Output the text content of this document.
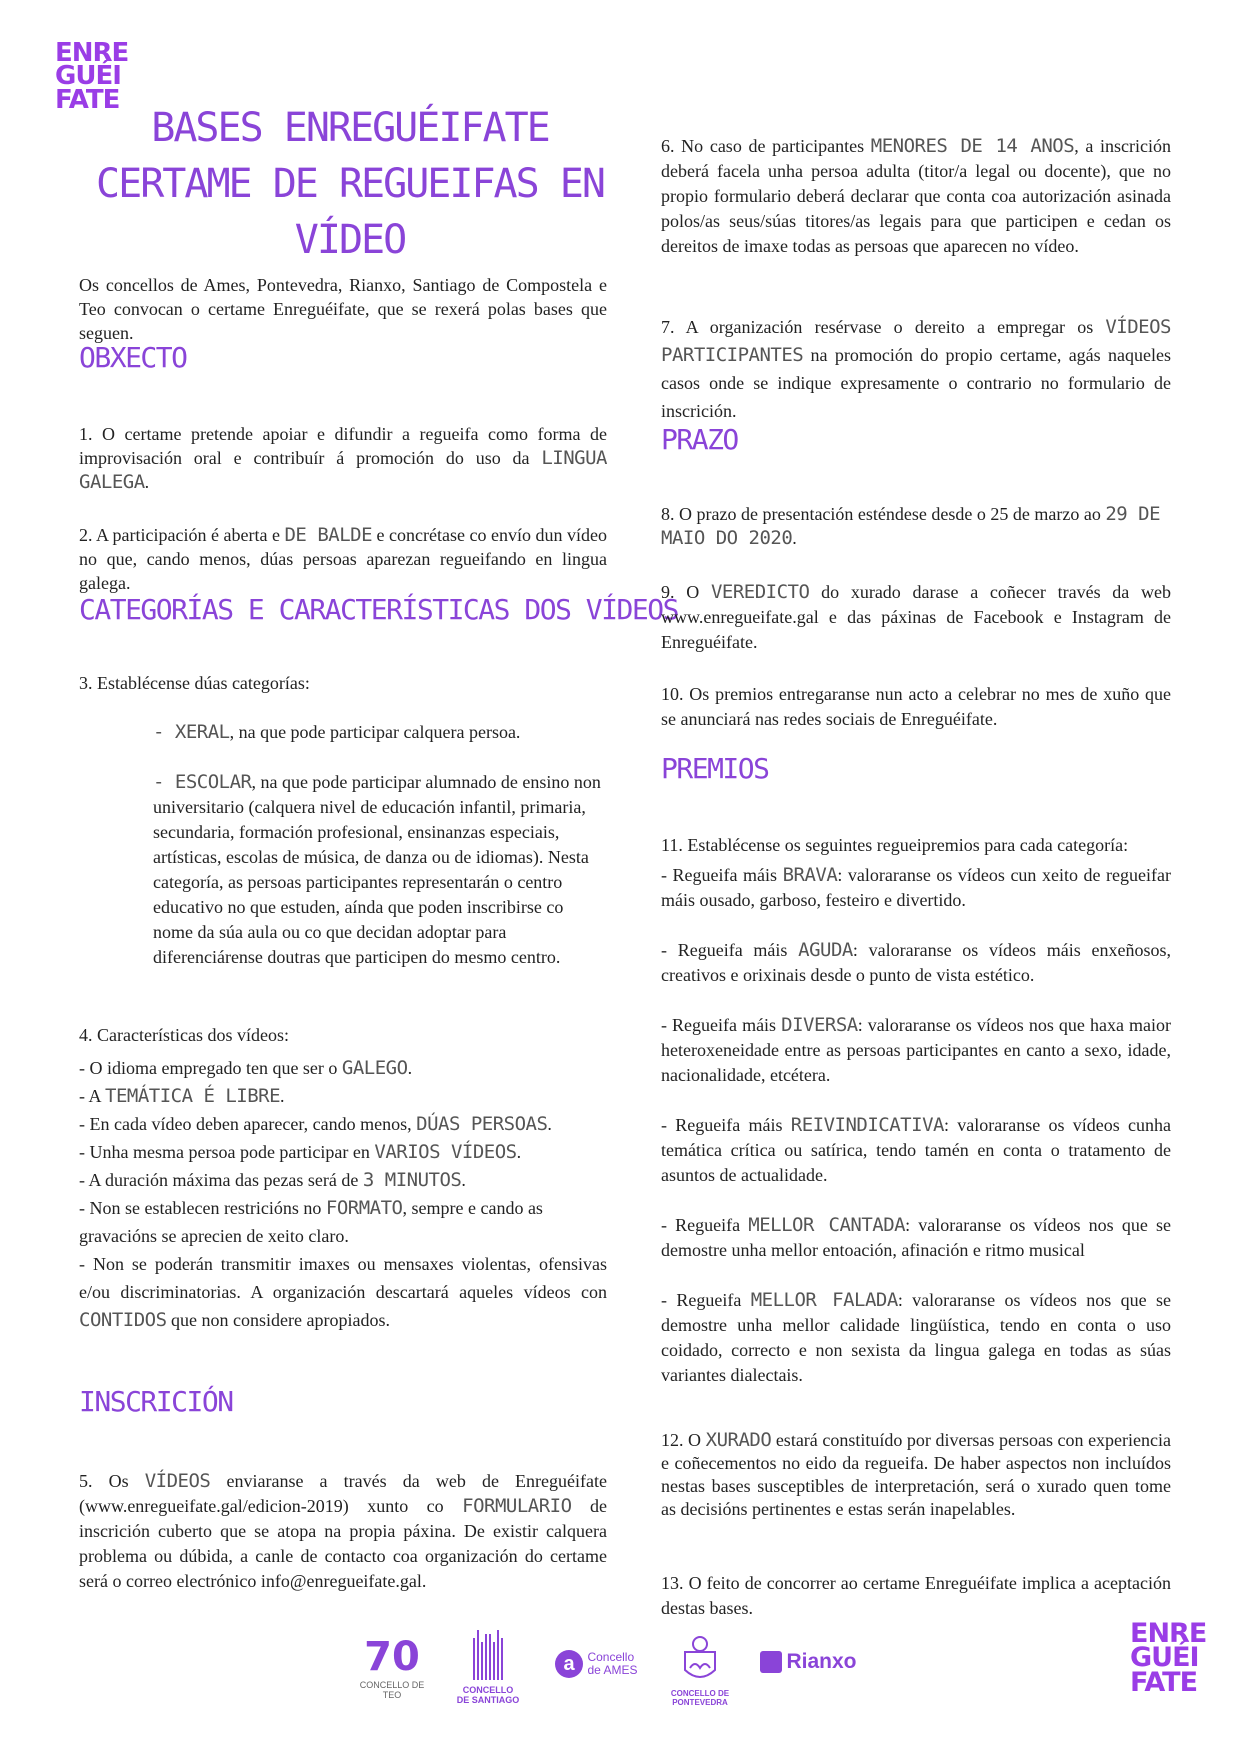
ENRE
GUÉI
FATE
BASES ENREGUÉIFATE
CERTAME DE REGUEIFAS EN VÍDEO

Os concellos de Ames, Pontevedra, Rianxo, Santiago de Compostela e Teo convocan o certame Enreguéifate, que se rexerá polas bases que seguen.

OBXECTO

1. O certame pretende apoiar e difundir a regueifa como forma de improvisación oral e contribuír á promoción do uso da LINGUA GALEGA.

2. A participación é aberta e DE BALDE e concrétase co envío dun vídeo no que, cando menos, dúas persoas aparezan regueifando en lingua galega.

CATEGORÍAS E CARACTERÍSTICAS DOS VÍDEOS

3. Establécense dúas categorías:

- XERAL, na que pode participar calquera persoa.

- ESCOLAR, na que pode participar alumnado de ensino non universitario (calquera nivel de educación infantil, primaria, secundaria, formación profesional, ensinanzas especiais, artísticas, escolas de música, de danza ou de idiomas). Nesta categoría, as persoas participantes representarán o centro educativo no que estuden, aínda que poden inscribirse co nome da súa aula ou co que decidan adoptar para diferenciárense doutras que participen do mesmo centro.

4. Características dos vídeos:

- O idioma empregado ten que ser o GALEGO.

- A TEMÁTICA É LIBRE.

- En cada vídeo deben aparecer, cando menos, DÚAS PERSOAS.

- Unha mesma persoa pode participar en VARIOS VÍDEOS.

- A duración máxima das pezas será de 3 MINUTOS.

- Non se establecen restricións no FORMATO, sempre e cando as gravacións se aprecien de xeito claro.

- Non se poderán transmitir imaxes ou mensaxes violentas, ofensivas e/ou discriminatorias. A organización descartará aqueles vídeos con CONTIDOS que non considere apropiados.

INSCRICIÓN

5. Os VÍDEOS enviaranse a través da web de Enreguéifate (www.enregueifate.gal/edicion-2019) xunto co FORMULARIO de inscrición cuberto que se atopa na propia páxina. De existir calquera problema ou dúbida, a canle de contacto coa organización do certame será o correo electrónico info@enregueifate.gal.

6. No caso de participantes MENORES DE 14 ANOS, a inscrición deberá facela unha persoa adulta (titor/a legal ou docente), que no propio formulario deberá declarar que conta coa autorización asinada polos/as seus/súas titores/as legais para que participen e cedan os dereitos de imaxe todas as persoas que aparecen no vídeo.

7. A organización resérvase o dereito a empregar os VÍDEOS PARTICIPANTES na promoción do propio certame, agás naqueles casos onde se indique expresamente o contrario no formulario de inscrición.

PRAZO

8. O prazo de presentación esténdese desde o 25 de marzo ao 29 DE MAIO DO 2020.

9. O VEREDICTO do xurado darase a coñecer través da web www.enregueifate.gal e das páxinas de Facebook e Instagram de Enreguéifate.

10. Os premios entregaranse nun acto a celebrar no mes de xuño que se anunciará nas redes sociais de Enreguéifate.

PREMIOS

11. Establécense os seguintes regueipremios para cada categoría:

- Regueifa máis BRAVA: valoraranse os vídeos cun xeito de regueifar máis ousado, garboso, festeiro e divertido.

- Regueifa máis AGUDA: valoraranse os vídeos máis enxeñosos, creativos e orixinais desde o punto de vista estético.

- Regueifa máis DIVERSA: valoraranse os vídeos nos que haxa maior heteroxeneidade entre as persoas participantes en canto a sexo, idade, nacionalidade, etcétera.

- Regueifa máis REIVINDICATIVA: valoraranse os vídeos cunha temática crítica ou satírica, tendo tamén en conta o tratamento de asuntos de actualidade.

- Regueifa MELLOR CANTADA: valoraranse os vídeos nos que se demostre unha mellor entoación, afinación e ritmo musical

- Regueifa MELLOR FALADA: valoraranse os vídeos nos que se demostre unha mellor calidade lingüística, tendo en conta o uso coidado, correcto e non sexista da lingua galega en todas as súas variantes dialectais.

12. O XURADO estará constituído por diversas persoas con experiencia e coñecementos no eido da regueifa. De haber aspectos non incluídos nestas bases susceptibles de interpretación, será o xurado quen tome as decisións pertinentes e estas serán inapelables.

13. O feito de concorrer ao certame Enreguéifate implica a aceptación destas bases.

70
CONCELLO DE TEO	CONCELLO DE SANTIAGO
a Concello de AMES
CONCELLO DE PONTEVEDRA
Rianxo
ENRE
GUÉI
FATE
